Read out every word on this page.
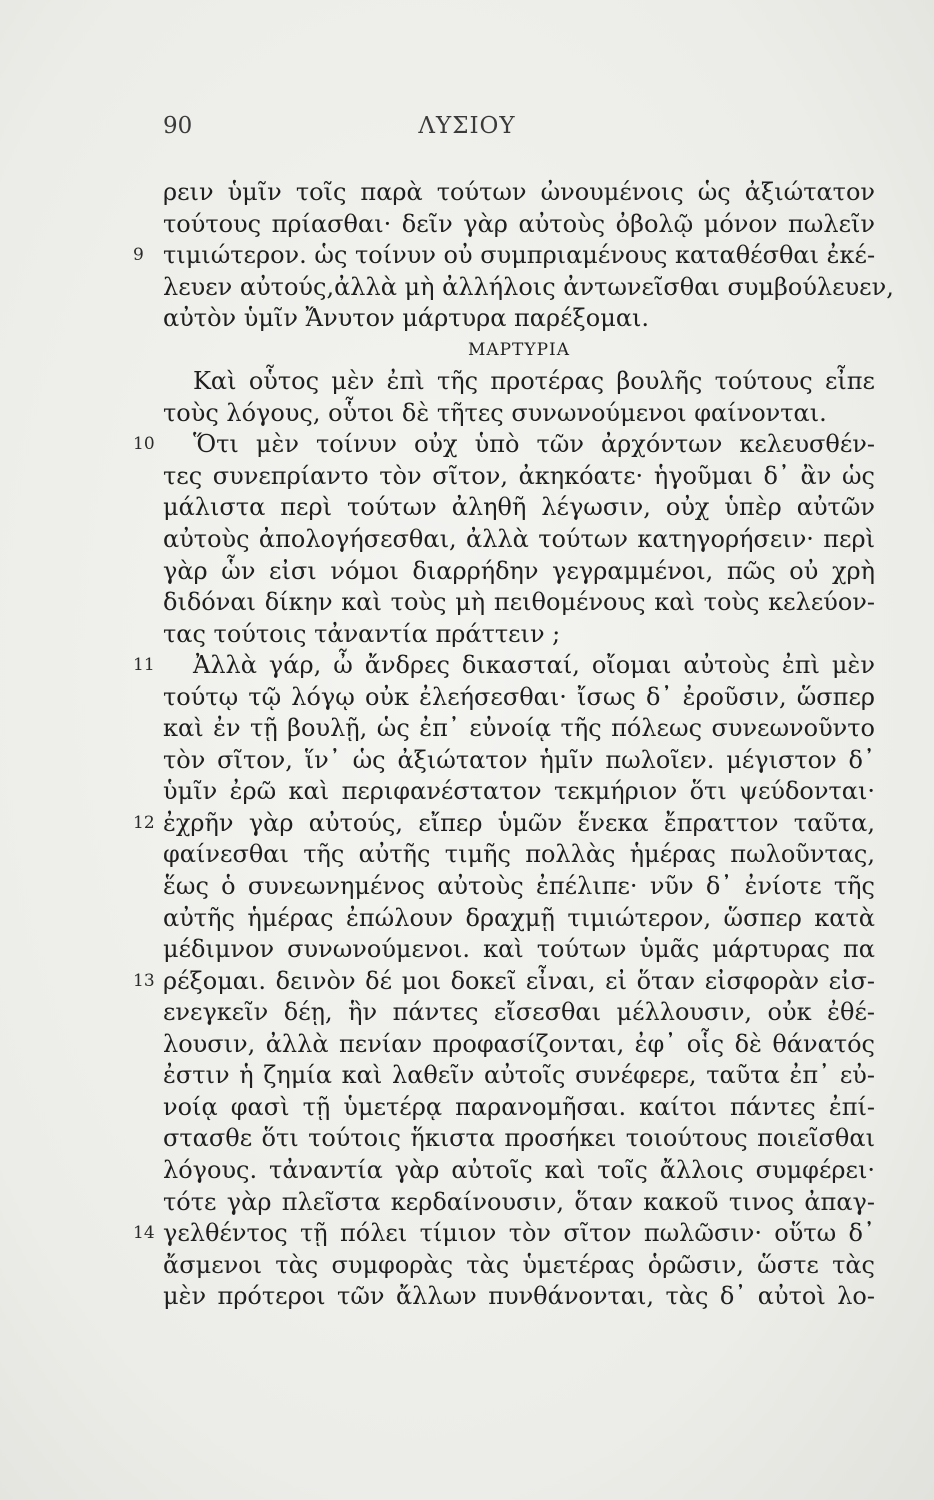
90	ΛΥΣΙΟΥ
ρειν ὑμῖν τοῖς παρὰ τούτων ὠνουμένοις ὡς ἀξιώτατον
τούτους πρίασθαι· δεῖν γὰρ αὐτοὺς ὀβολῷ μόνον πωλεῖν
9 τιμιώτερον. ὡς τοίνυν οὐ συμπριαμένους καταθέσθαι ἐκέ-
λευεν αὐτούς,ἀλλὰ μὴ ἀλλήλοις ἀντωνεῖσθαι συμβούλευεν,
αὐτὸν ὑμῖν Ἄνυτον μάρτυρα παρέξομαι.
ΜΑΡΤΥΡΙΑ
Καὶ οὗτος μὲν ἐπὶ τῆς προτέρας βουλῆς τούτους εἶπε
τοὺς λόγους, οὗτοι δὲ τῆτες συνωνούμενοι φαίνονται.
10 Ὅτι μὲν τοίνυν οὐχ ὑπὸ τῶν ἀρχόντων κελευσθέν-
τες συνεπρίαντο τὸν σῖτον, ἀκηκόατε· ἡγοῦμαι δ᾽ ἂν ὡς
μάλιστα περὶ τούτων ἀληθῆ λέγωσιν, οὐχ ὑπὲρ αὐτῶν
αὐτοὺς ἀπολογήσεσθαι, ἀλλὰ τούτων κατηγορήσειν· περὶ
γὰρ ὧν εἰσι νόμοι διαρρήδην γεγραμμένοι, πῶς οὐ χρὴ
διδόναι δίκην καὶ τοὺς μὴ πειθομένους καὶ τοὺς κελεύον-
τας τούτοις τἀναντία πράττειν ;
11 Ἀλλὰ γάρ, ὦ ἄνδρες δικασταί, οἴομαι αὐτοὺς ἐπὶ μὲν
τούτῳ τῷ λόγῳ οὐκ ἐλεήσεσθαι· ἴσως δ᾽ ἐροῦσιν, ὥσπερ
καὶ ἐν τῇ βουλῇ, ὡς ἐπ᾽ εὐνοίᾳ τῆς πόλεως συνεωνοῦντο
τὸν σῖτον, ἵν᾽ ὡς ἀξιώτατον ἡμῖν πωλοῖεν. μέγιστον δ᾽
ὑμῖν ἐρῶ καὶ περιφανέστατον τεκμήριον ὅτι ψεύδονται·
12 ἐχρῆν γὰρ αὐτούς, εἴπερ ὑμῶν ἕνεκα ἔπραττον ταῦτα,
φαίνεσθαι τῆς αὐτῆς τιμῆς πολλὰς ἡμέρας πωλοῦντας,
ἕως ὁ συνεωνημένος αὐτοὺς ἐπέλιπε· νῦν δ᾽ ἐνίοτε τῆς
αὐτῆς ἡμέρας ἐπώλουν δραχμῇ τιμιώτερον, ὥσπερ κατὰ
μέδιμνον συνωνούμενοι. καὶ τούτων ὑμᾶς μάρτυρας πα
13 ρέξομαι. δεινὸν δέ μοι δοκεῖ εἶναι, εἰ ὅταν εἰσφορὰν εἰσ-
ενεγκεῖν δέῃ, ἣν πάντες εἴσεσθαι μέλλουσιν, οὐκ ἐθέ-
λουσιν, ἀλλὰ πενίαν προφασίζονται, ἐφ᾽ οἷς δὲ θάνατός
ἐστιν ἡ ζημία καὶ λαθεῖν αὐτοῖς συνέφερε, ταῦτα ἐπ᾽ εὐ-
νοίᾳ φασὶ τῇ ὑμετέρᾳ παρανομῆσαι. καίτοι πάντες ἐπί-
στασθε ὅτι τούτοις ἥκιστα προσήκει τοιούτους ποιεῖσθαι
λόγους. τἀναντία γὰρ αὐτοῖς καὶ τοῖς ἄλλοις συμφέρει·
τότε γὰρ πλεῖστα κερδαίνουσιν, ὅταν κακοῦ τινος ἀπαγ-
14 γελθέντος τῇ πόλει τίμιον τὸν σῖτον πωλῶσιν· οὕτω δ᾽
ἄσμενοι τὰς συμφορὰς τὰς ὑμετέρας ὁρῶσιν, ὥστε τὰς
μὲν πρότεροι τῶν ἄλλων πυνθάνονται, τὰς δ᾽ αὐτοὶ λο-
